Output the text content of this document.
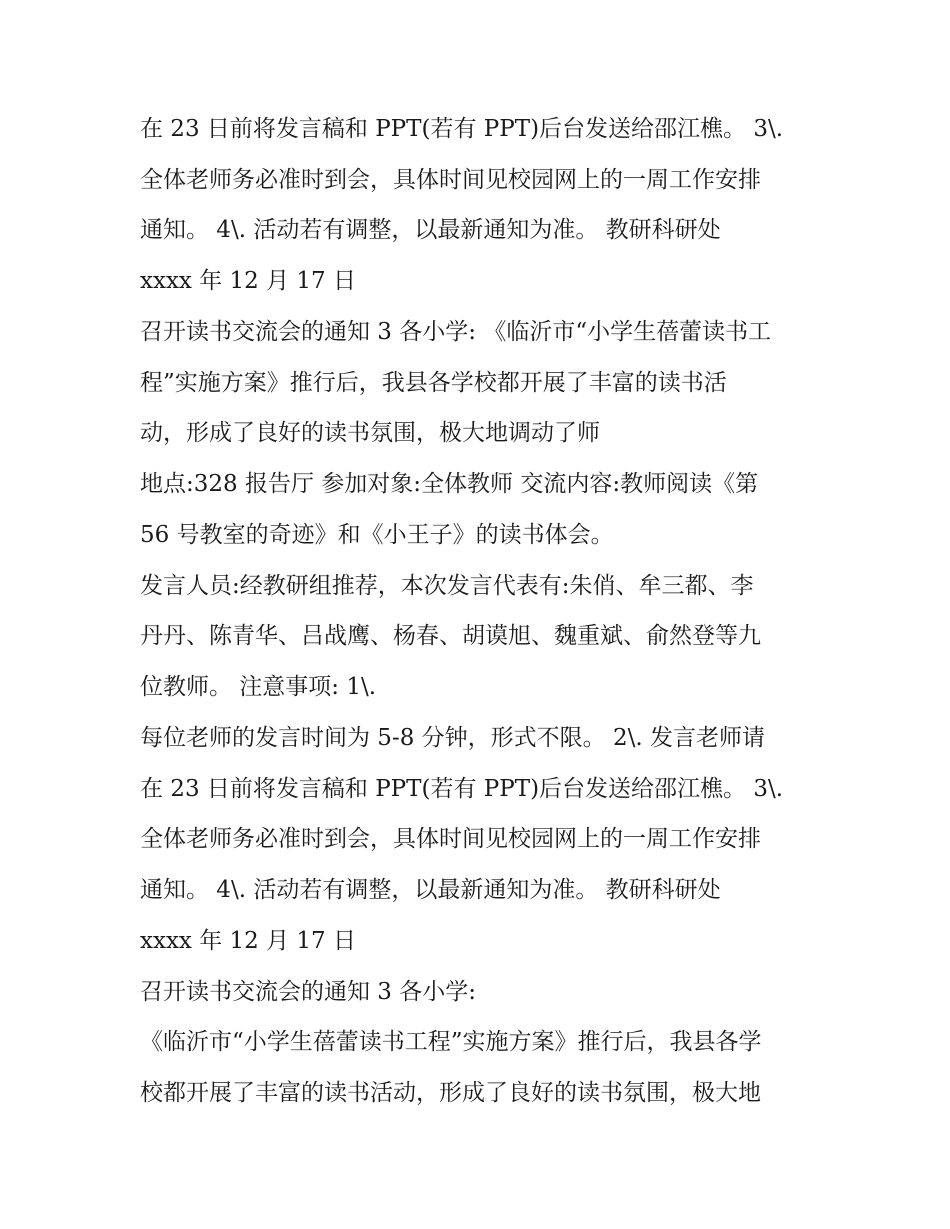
在 23 日前将发言稿和 PPT(若有 PPT)后台发送给邵江樵。 3\.
全体老师务必准时到会，具体时间见校园网上的一周工作安排
通知。 4\. 活动若有调整，以最新通知为准。 教研科研处
xxxx 年 12 月 17 日
召开读书交流会的通知 3 各小学: 《临沂市“小学生蓓蕾读书工
程”实施方案》推行后，我县各学校都开展了丰富的读书活
动，形成了良好的读书氛围，极大地调动了师
地点:328 报告厅 参加对象:全体教师 交流内容:教师阅读《第
56 号教室的奇迹》和《小王子》的读书体会。
发言人员:经教研组推荐，本次发言代表有:朱俏、牟三都、李
丹丹、陈青华、吕战鹰、杨春、胡谟旭、魏重斌、俞然登等九
位教师。 注意事项: 1\.
每位老师的发言时间为 5-8 分钟，形式不限。 2\. 发言老师请
在 23 日前将发言稿和 PPT(若有 PPT)后台发送给邵江樵。 3\.
全体老师务必准时到会，具体时间见校园网上的一周工作安排
通知。 4\. 活动若有调整，以最新通知为准。 教研科研处
xxxx 年 12 月 17 日
召开读书交流会的通知 3 各小学:
《临沂市“小学生蓓蕾读书工程”实施方案》推行后，我县各学
校都开展了丰富的读书活动，形成了良好的读书氛围，极大地
